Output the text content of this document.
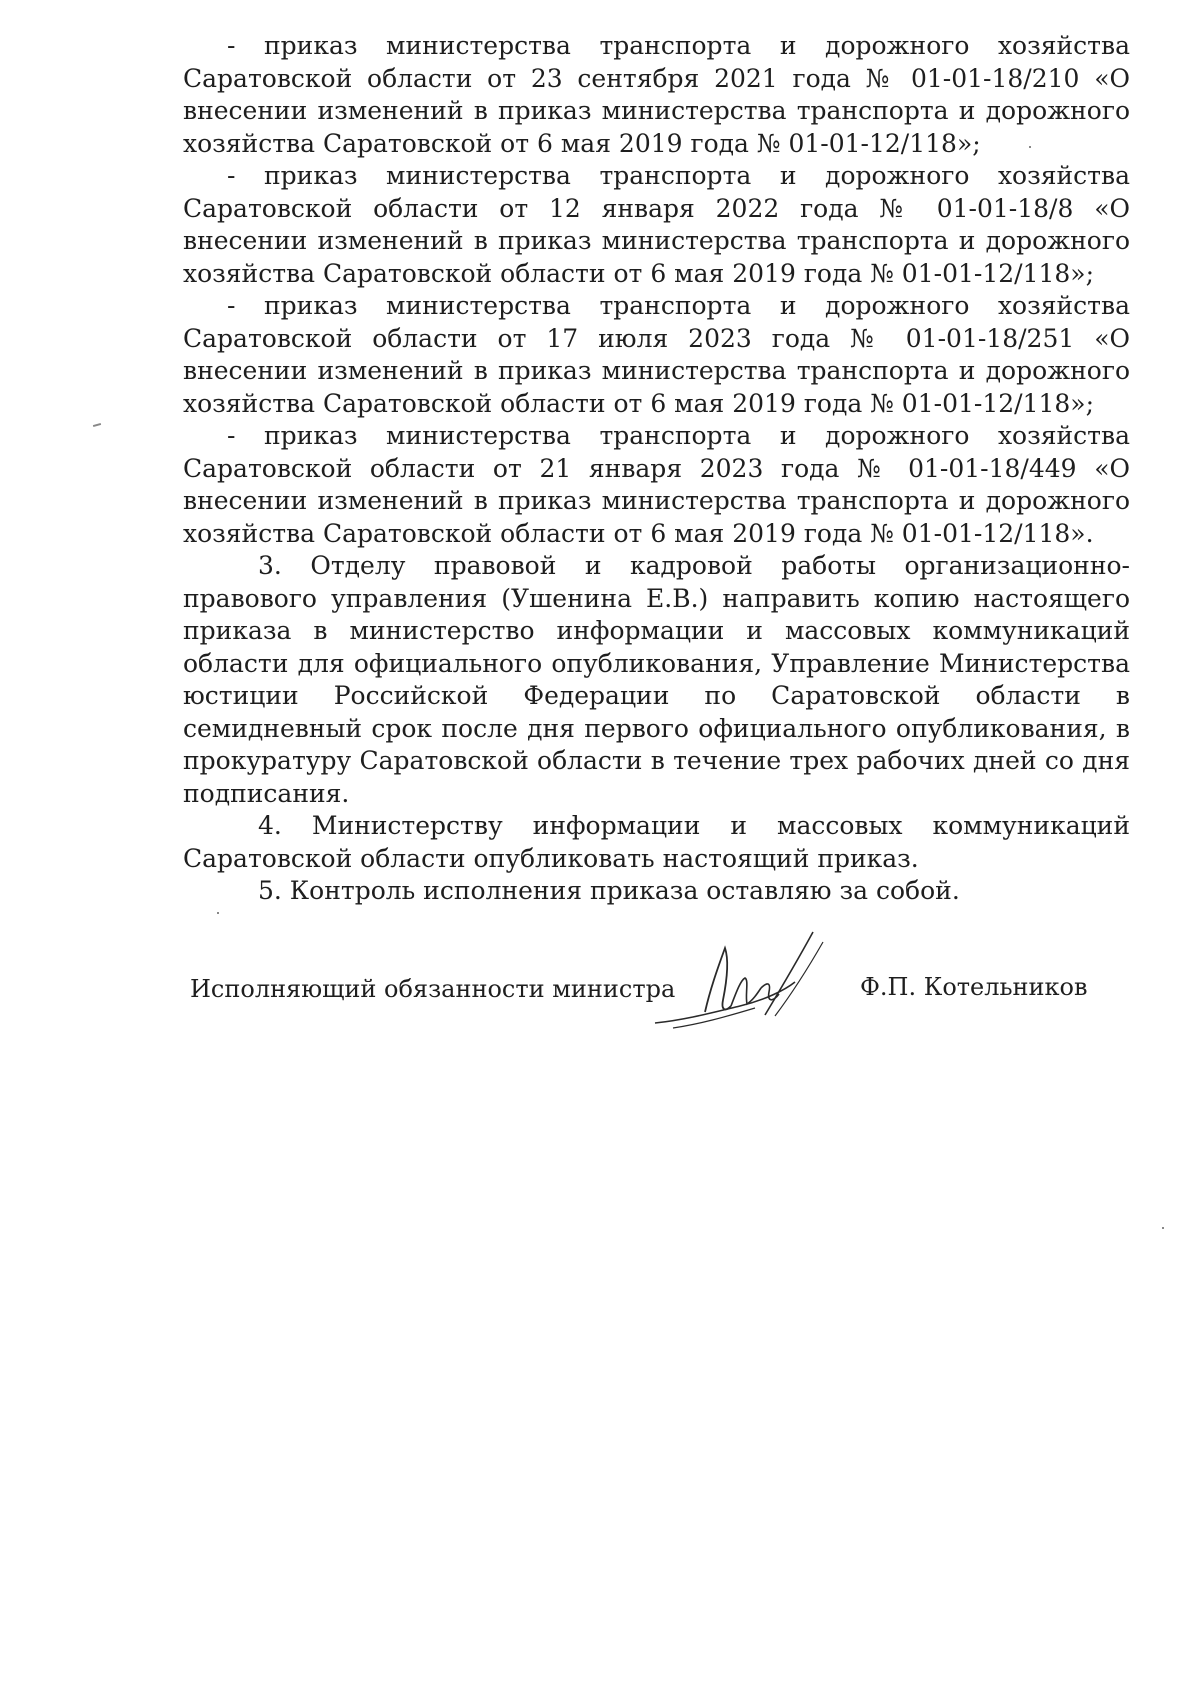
- приказ министерства транспорта и дорожного хозяйства Саратовской области от 23 сентября 2021 года № 01-01-18/210 «О внесении изменений в приказ министерства транспорта и дорожного хозяйства Саратовской от 6 мая 2019 года № 01-01-12/118»;

- приказ министерства транспорта и дорожного хозяйства Саратовской области от 12 января 2022 года № 01-01-18/8 «О внесении изменений в приказ министерства транспорта и дорожного хозяйства Саратовской области от 6 мая 2019 года № 01-01-12/118»;

- приказ министерства транспорта и дорожного хозяйства Саратовской области от 17 июля 2023 года № 01-01-18/251 «О внесении изменений в приказ министерства транспорта и дорожного хозяйства Саратовской области от 6 мая 2019 года № 01-01-12/118»;

- приказ министерства транспорта и дорожного хозяйства Саратовской области от 21 января 2023 года № 01-01-18/449 «О внесении изменений в приказ министерства транспорта и дорожного хозяйства Саратовской области от 6 мая 2019 года № 01-01-12/118».

3. Отделу правовой и кадровой работы организационно-правового управления (Ушенина Е.В.) направить копию настоящего приказа в министерство информации и массовых коммуникаций области для официального опубликования, Управление Министерства юстиции Российской Федерации по Саратовской области в семидневный срок после дня первого официального опубликования, в прокуратуру Саратовской области в течение трех рабочих дней со дня подписания.

4. Министерству информации и массовых коммуникаций Саратовской области опубликовать настоящий приказ.

5. Контроль исполнения приказа оставляю за собой.

Исполняющий обязанности министра	Ф.П. Котельников
